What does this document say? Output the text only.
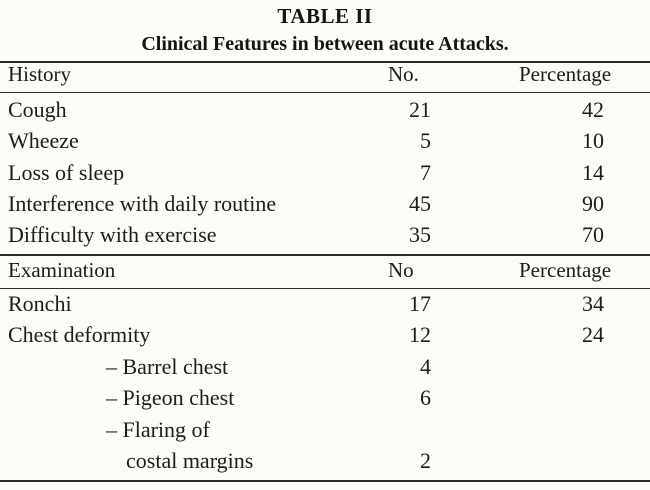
TABLE II
Clinical Features in between acute Attacks.
History	No.	Percentage
Cough	21	42
Wheeze	5	10
Loss of sleep	7	14
Interference with daily routine	45	90
Difficulty with exercise	35	70
Examination	No	Percentage
Ronchi	17	34
Chest deformity	12	24
– Barrel chest	4
– Pigeon chest	6
– Flaring of
costal margins	2
